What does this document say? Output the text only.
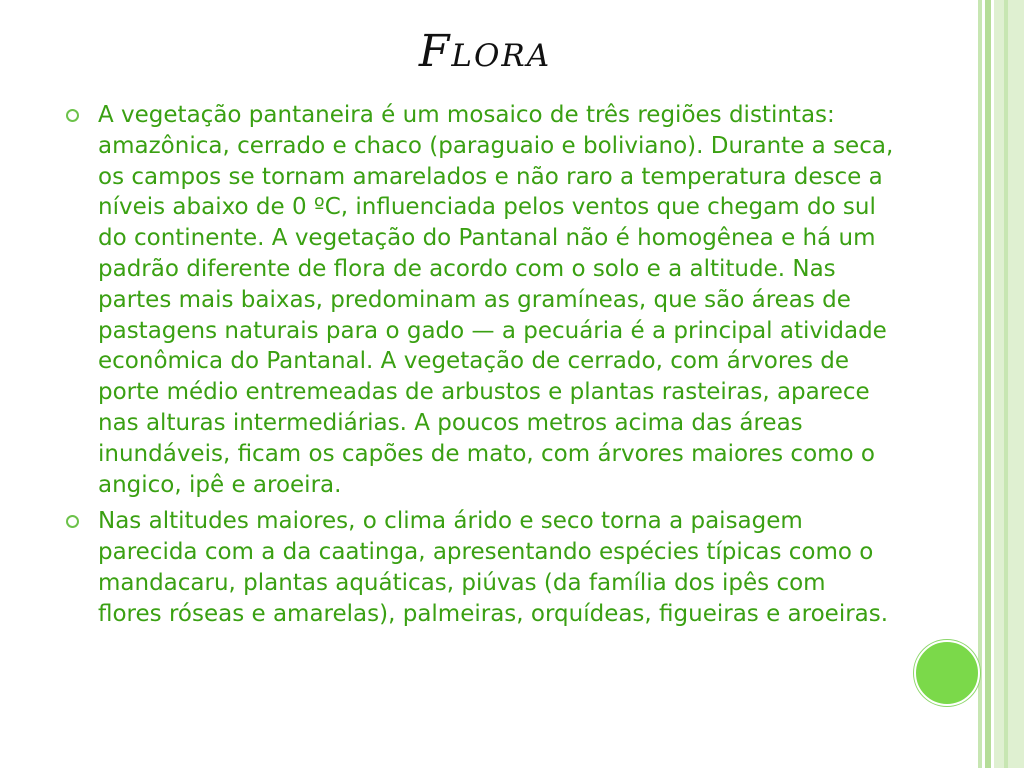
Flora
A vegetação pantaneira é um mosaico de três regiões distintas: amazônica, cerrado e chaco (paraguaio e boliviano). Durante a seca, os campos se tornam amarelados e não raro a temperatura desce a níveis abaixo de 0 ºC, influenciada pelos ventos que chegam do sul do continente. A vegetação do Pantanal não é homogênea e há um padrão diferente de flora de acordo com o solo e a altitude. Nas partes mais baixas, predominam as gramíneas, que são áreas de pastagens naturais para o gado — a pecuária é a principal atividade econômica do Pantanal. A vegetação de cerrado, com árvores de porte médio entremeadas de arbustos e plantas rasteiras, aparece nas alturas intermediárias. A poucos metros acima das áreas inundáveis, ficam os capões de mato, com árvores maiores como o angico, ipê e aroeira.
Nas altitudes maiores, o clima árido e seco torna a paisagem parecida com a da caatinga, apresentando espécies típicas como o mandacaru, plantas aquáticas, piúvas (da família dos ipês com flores róseas e amarelas), palmeiras, orquídeas, figueiras e aroeiras.
